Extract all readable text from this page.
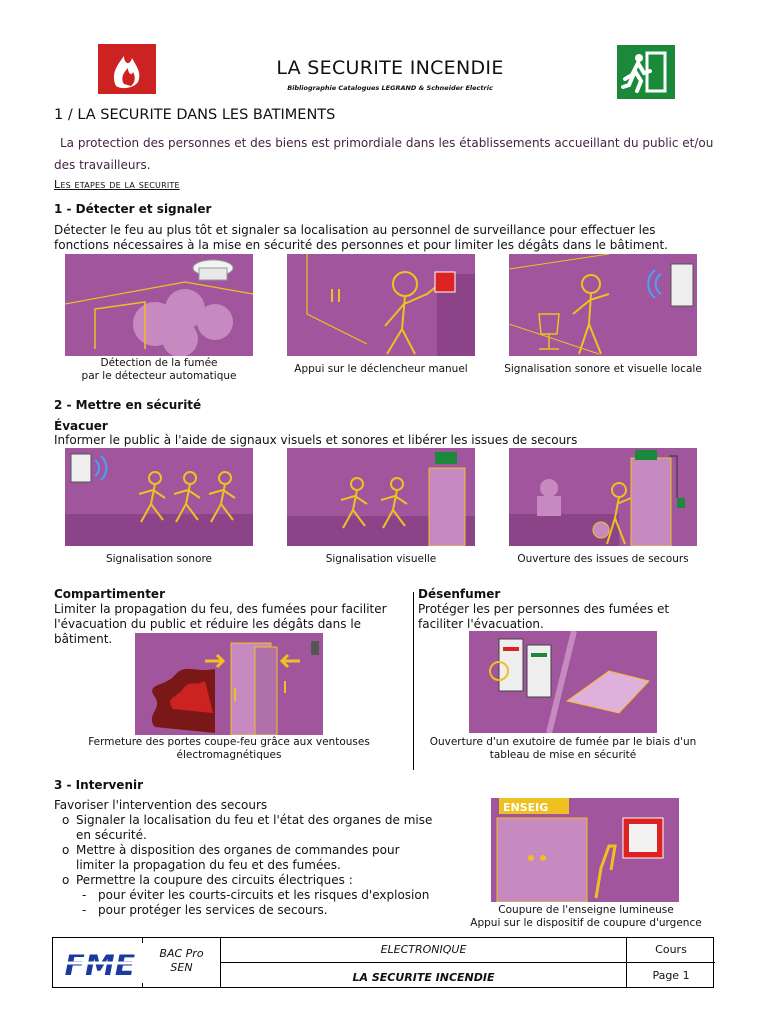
LA SECURITE INCENDIE
Bibliographie Catalogues LEGRAND & Schneider Electric
1 / LA SECURITE DANS LES BATIMENTS
La protection des personnes et des biens est primordiale dans les établissements accueillant du public et/ou des travailleurs.
Les etapes de la securite
1 - Détecter et signaler
Détecter le feu au plus tôt et signaler sa localisation au personnel de surveillance pour effectuer les fonctions nécessaires à la mise en sécurité des personnes et pour limiter les dégâts dans le bâtiment.
Détection de la fumée
par le détecteur automatique
Appui sur le déclencheur manuel	Signalisation sonore et visuelle locale
2 - Mettre en sécurité
Évacuer
Informer le public à l'aide de signaux visuels et sonores et libérer les issues de secours
Signalisation sonore	Signalisation visuelle	Ouverture des issues de secours
Compartimenter
Limiter la propagation du feu, des fumées pour faciliter l'évacuation du public et réduire les dégâts dans le bâtiment.
Fermeture des portes coupe-feu grâce aux ventouses
électromagnétiques
Désenfumer
Protéger les per personnes des fumées et faciliter l'évacuation.
Ouverture d'un exutoire de fumée par le biais d'un
tableau de mise en sécurité
3 - Intervenir
Favoriser l'intervention des secours
o Signaler la localisation du feu et l'état des organes de mise en sécurité.
o Mettre à disposition des organes de commandes pour limiter la propagation du feu et des fumées.
o Permettre la coupure des circuits électriques :
- pour éviter les courts-circuits et les risques d'explosion
- pour protéger les services de secours.
ENSEIG
Coupure de l'enseigne lumineuse
Appui sur le dispositif de coupure d'urgence
FME	BAC Pro
SEN
ELECTRONIQUE
LA SECURITE INCENDIE
Cours
Page 1
